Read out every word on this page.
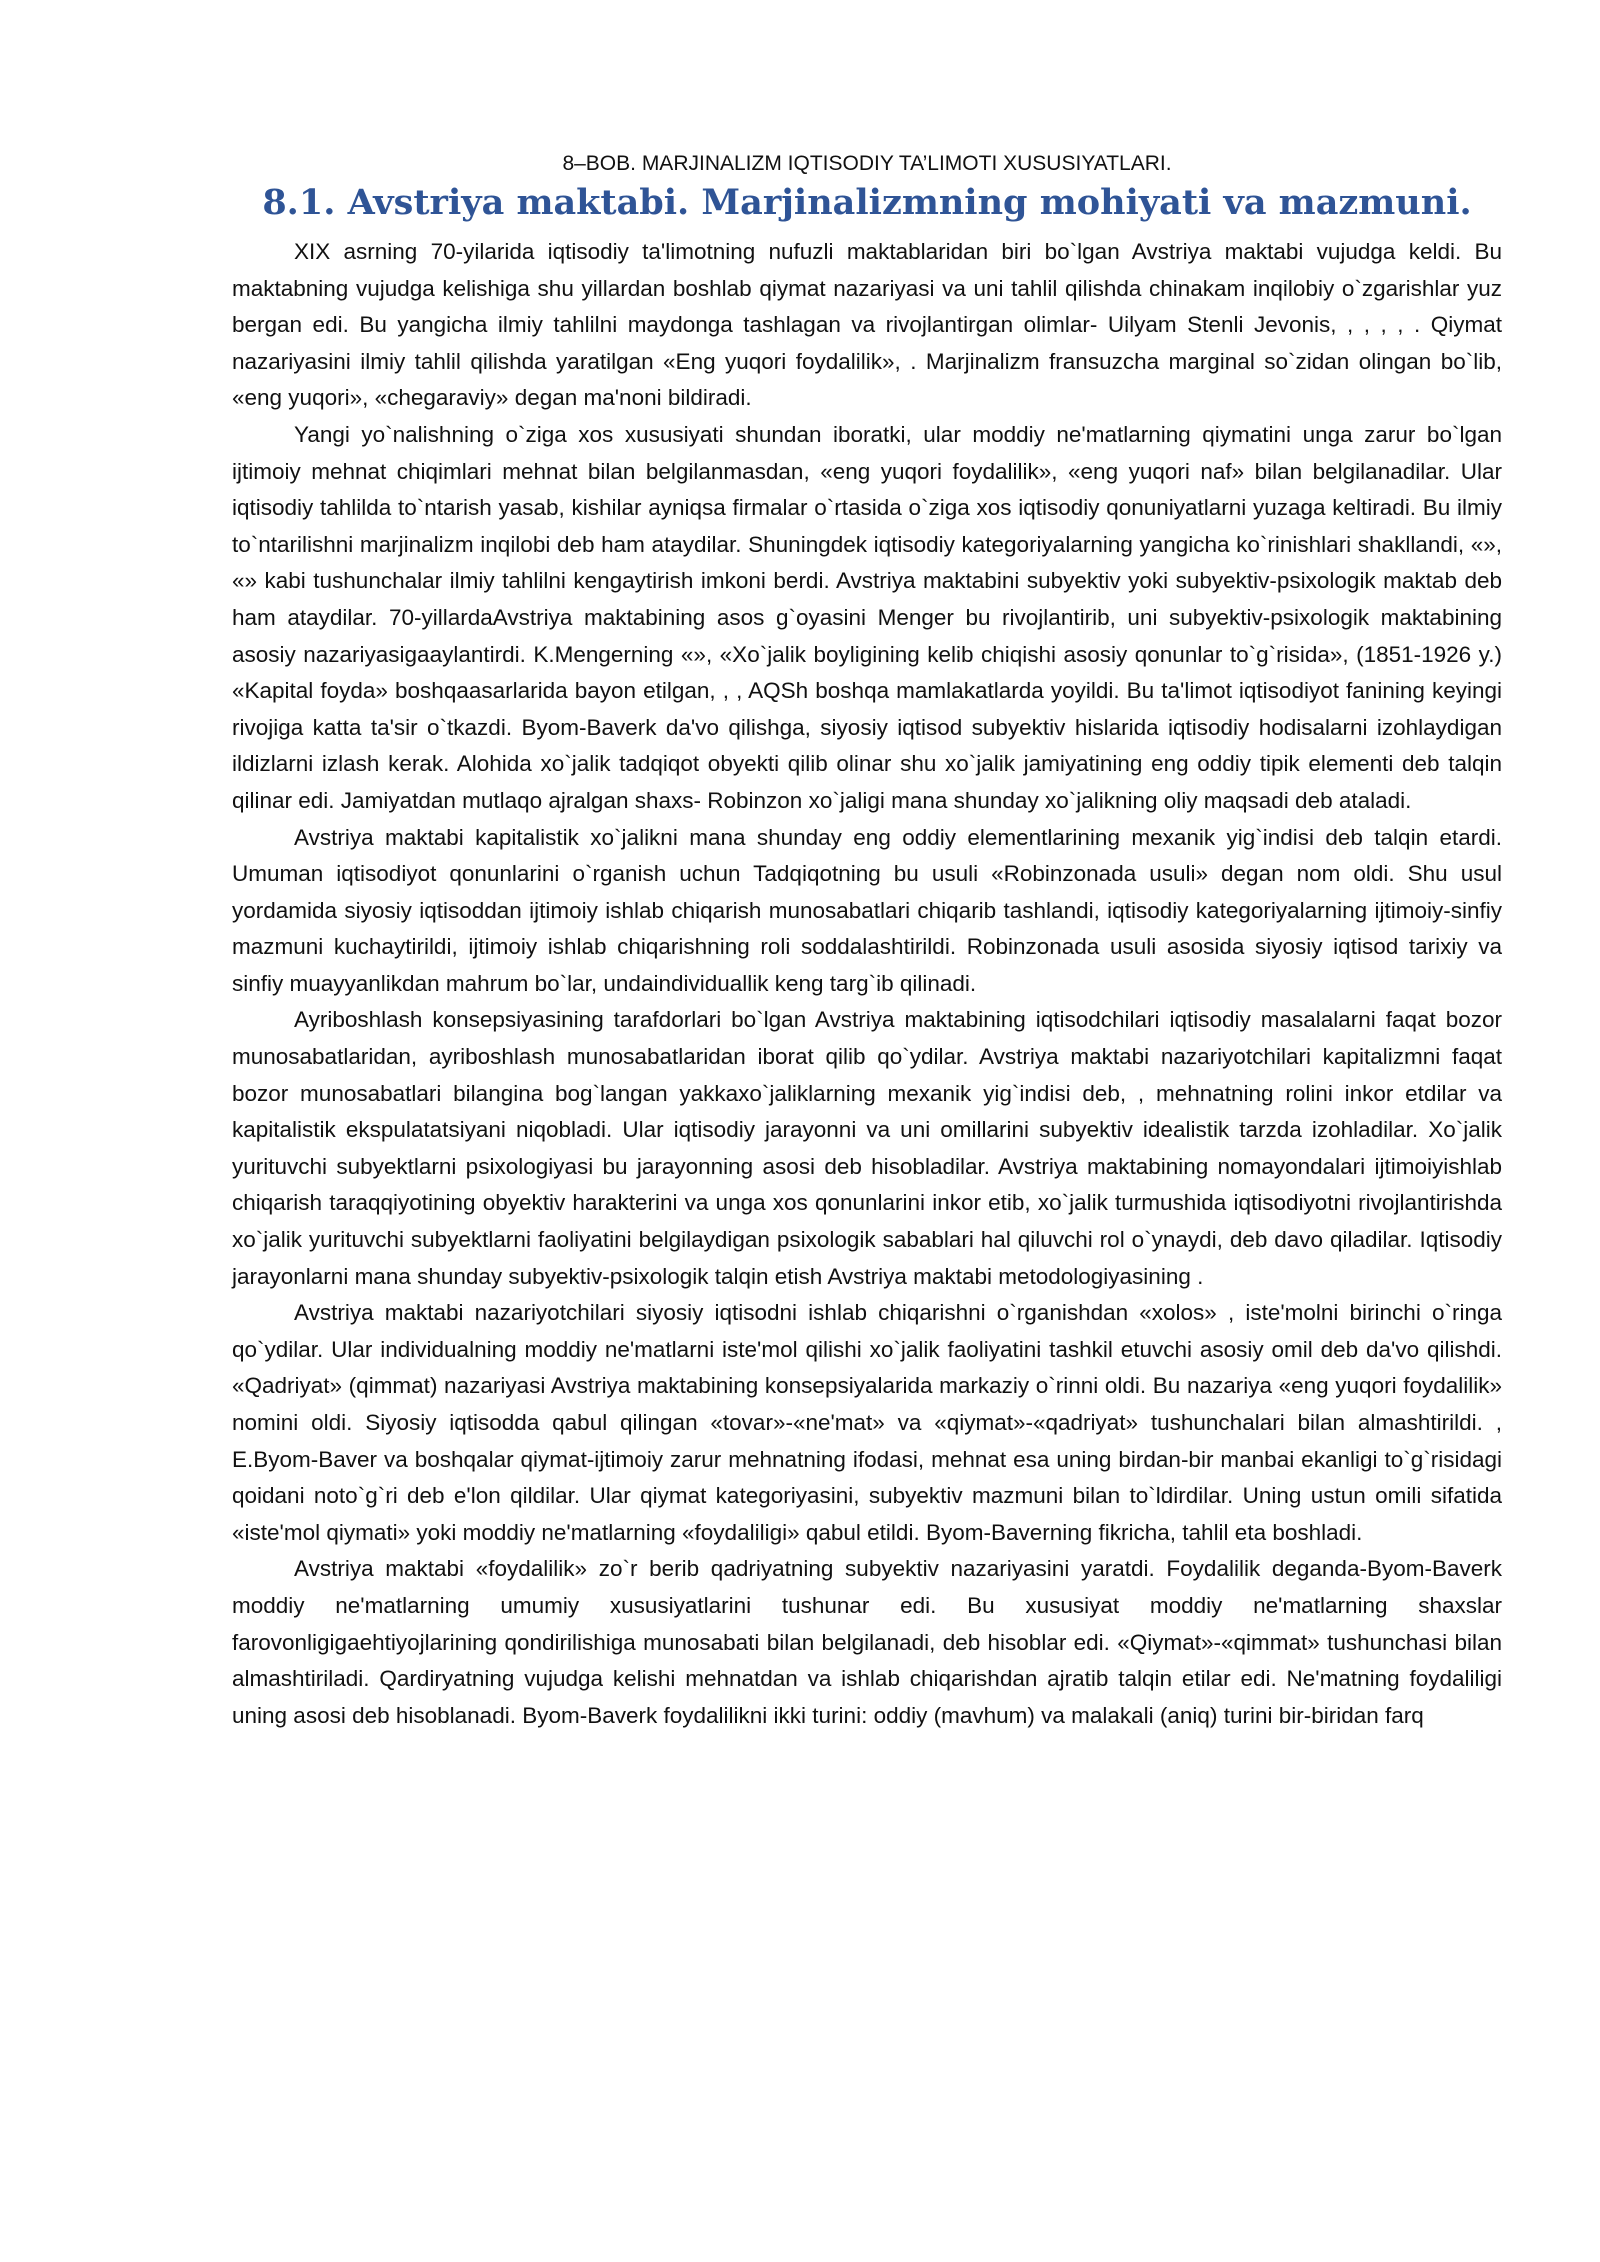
8–BOB. MARJINALIZM IQTISODIY TA’LIMOTI XUSUSIYATLARI.
8.1. Avstriya maktabi. Marjinalizmning mohiyati va mazmuni.

XIX asrning 70-yilarida iqtisodiy ta'limotning nufuzli maktablaridan biri bo`lgan Avstriya maktabi vujudga keldi. Bu maktabning vujudga kelishiga shu yillardan boshlab qiymat nazariyasi va uni tahlil qilishda chinakam inqilobiy o`zgarishlar yuz bergan edi. Bu yangicha ilmiy tahlilni maydonga tashlagan va rivojlantirgan olimlar- Uilyam Stenli Jevonis, , , , , . Qiymat nazariyasini ilmiy tahlil qilishda yaratilgan «Eng yuqori foydalilik», . Marjinalizm fransuzcha marginal so`zidan olingan bo`lib, «eng yuqori», «chegaraviy» degan ma'noni bildiradi.

Yangi yo`nalishning o`ziga xos xususiyati shundan iboratki, ular moddiy ne'matlarning qiymatini unga zarur bo`lgan ijtimoiy mehnat chiqimlari mehnat bilan belgilanmasdan, «eng yuqori foydalilik», «eng yuqori naf» bilan belgilanadilar. Ular iqtisodiy tahlilda to`ntarish yasab, kishilar ayniqsa firmalar o`rtasida o`ziga xos iqtisodiy qonuniyatlarni yuzaga keltiradi. Bu ilmiy to`ntarilishni marjinalizm inqilobi deb ham ataydilar. Shuningdek iqtisodiy kategoriyalarning yangicha ko`rinishlari shakllandi, «», «» kabi tushunchalar ilmiy tahlilni kengaytirish imkoni berdi. Avstriya maktabini subyektiv yoki subyektiv-psixologik maktab deb ham ataydilar. 70-yillardaAvstriya maktabining asos g`oyasini Menger bu rivojlantirib, uni subyektiv-psixologik maktabining asosiy nazariyasigaaylantirdi. K.Mengerning «», «Xo`jalik boyligining kelib chiqishi asosiy qonunlar to`g`risida», (1851-1926 y.) «Kapital foyda» boshqaasarlarida bayon etilgan, , , AQSh boshqa mamlakatlarda yoyildi. Bu ta'limot iqtisodiyot fanining keyingi rivojiga katta ta'sir o`tkazdi. Byom-Baverk da'vo qilishga, siyosiy iqtisod subyektiv hislarida iqtisodiy hodisalarni izohlaydigan ildizlarni izlash kerak. Alohida xo`jalik tadqiqot obyekti qilib olinar shu xo`jalik jamiyatining eng oddiy tipik elementi deb talqin qilinar edi. Jamiyatdan mutlaqo ajralgan shaxs- Robinzon xo`jaligi mana shunday xo`jalikning oliy maqsadi deb ataladi.

Avstriya maktabi kapitalistik xo`jalikni mana shunday eng oddiy elementlarining mexanik yig`indisi deb talqin etardi. Umuman iqtisodiyot qonunlarini o`rganish uchun Tadqiqotning bu usuli «Robinzonada usuli» degan nom oldi. Shu usul yordamida siyosiy iqtisoddan ijtimoiy ishlab chiqarish munosabatlari chiqarib tashlandi, iqtisodiy kategoriyalarning ijtimoiy-sinfiy mazmuni kuchaytirildi, ijtimoiy ishlab chiqarishning roli soddalashtirildi. Robinzonada usuli asosida siyosiy iqtisod tarixiy va sinfiy muayyanlikdan mahrum bo`lar, undaindividuallik keng targ`ib qilinadi.

Ayriboshlash konsepsiyasining tarafdorlari bo`lgan Avstriya maktabining iqtisodchilari iqtisodiy masalalarni faqat bozor munosabatlaridan, ayriboshlash munosabatlaridan iborat qilib qo`ydilar. Avstriya maktabi nazariyotchilari kapitalizmni faqat bozor munosabatlari bilangina bog`langan yakkaxo`jaliklarning mexanik yig`indisi deb, , mehnatning rolini inkor etdilar va kapitalistik ekspulatatsiyani niqobladi. Ular iqtisodiy jarayonni va uni omillarini subyektiv idealistik tarzda izohladilar. Xo`jalik yurituvchi subyektlarni psixologiyasi bu jarayonning asosi deb hisobladilar. Avstriya maktabining nomayondalari ijtimoiyishlab chiqarish taraqqiyotining obyektiv harakterini va unga xos qonunlarini inkor etib, xo`jalik turmushida iqtisodiyotni rivojlantirishda xo`jalik yurituvchi subyektlarni faoliyatini belgilaydigan psixologik sabablari hal qiluvchi rol o`ynaydi, deb davo qiladilar. Iqtisodiy jarayonlarni mana shunday subyektiv-psixologik talqin etish Avstriya maktabi metodologiyasining .

Avstriya maktabi nazariyotchilari siyosiy iqtisodni ishlab chiqarishni o`rganishdan «xolos» , iste'molni birinchi o`ringa qo`ydilar. Ular individualning moddiy ne'matlarni iste'mol qilishi xo`jalik faoliyatini tashkil etuvchi asosiy omil deb da'vo qilishdi. «Qadriyat» (qimmat) nazariyasi Avstriya maktabining konsepsiyalarida markaziy o`rinni oldi. Bu nazariya «eng yuqori foydalilik» nomini oldi. Siyosiy iqtisodda qabul qilingan «tovar»-«ne'mat» va «qiymat»-«qadriyat» tushunchalari bilan almashtirildi. , E.Byom-Baver va boshqalar qiymat-ijtimoiy zarur mehnatning ifodasi, mehnat esa uning birdan-bir manbai ekanligi to`g`risidagi qoidani noto`g`ri deb e'lon qildilar. Ular qiymat kategoriyasini, subyektiv mazmuni bilan to`ldirdilar. Uning ustun omili sifatida «iste'mol qiymati» yoki moddiy ne'matlarning «foydaliligi» qabul etildi. Byom-Baverning fikricha, tahlil eta boshladi.

Avstriya maktabi «foydalilik» zo`r berib qadriyatning subyektiv nazariyasini yaratdi. Foydalilik deganda-Byom-Baverk moddiy ne'matlarning umumiy xususiyatlarini tushunar edi. Bu xususiyat moddiy ne'matlarning shaxslar farovonligigaehtiyojlarining qondirilishiga munosabati bilan belgilanadi, deb hisoblar edi. «Qiymat»-«qimmat» tushunchasi bilan almashtiriladi. Qardiryatning vujudga kelishi mehnatdan va ishlab chiqarishdan ajratib talqin etilar edi. Ne'matning foydaliligi uning asosi deb hisoblanadi. Byom-Baverk foydalilikni ikki turini: oddiy (mavhum) va malakali (aniq) turini bir-biridan farq
